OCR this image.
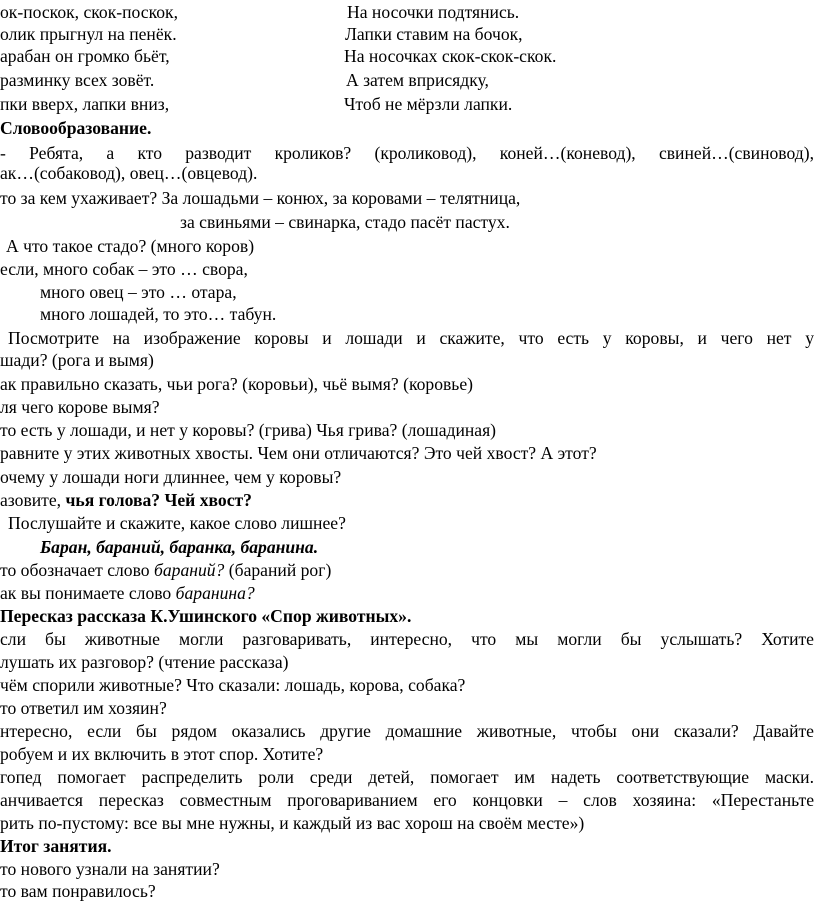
ок-поскок, скок-поскок,	На носочки подтянись.
олик прыгнул на пенёк.	Лапки ставим на бочок,
арабан он громко бьёт,	На носочках скок-скок-скок.
разминку всех зовёт.	А затем вприсядку,
пки вверх, лапки вниз,	Чтоб не мёрзли лапки.
Словообразование.
- Ребята, а кто разводит кроликов? (кроликовод), коней…(коневод), свиней…(свиновод),
ак…(собаковод), овец…(овцевод).
то за кем ухаживает? За лошадьми – конюх, за коровами – телятница,
за свиньями – свинарка, стадо пасёт пастух.
А что такое стадо? (много коров)
если, много собак – это … свора,
много овец – это … отара,
много лошадей, то это… табун.
Посмотрите на изображение коровы и лошади и скажите, что есть у коровы, и чего нет у
шади? (рога и вымя)
ак правильно сказать, чьи рога? (коровьи), чьё вымя? (коровье)
ля чего корове вымя?
то есть у лошади, и нет у коровы? (грива) Чья грива? (лошадиная)
равните у этих животных хвосты. Чем они отличаются? Это чей хвост? А этот?
очему у лошади ноги длиннее, чем у коровы?
азовите, чья голова? Чей хвост?
Послушайте и скажите, какое слово лишнее?
Баран, бараний, баранка, баранина.
то обозначает слово бараний? (бараний рог)
ак вы понимаете слово баранина?
Пересказ рассказа К.Ушинского «Спор животных».
сли бы животные могли разговаривать, интересно, что мы могли бы услышать? Хотите
лушать их разговор? (чтение рассказа)
чём спорили животные? Что сказали: лошадь, корова, собака?
то ответил им хозяин?
нтересно, если бы рядом оказались другие домашние животные, чтобы они сказали? Давайте
робуем и их включить в этот спор. Хотите?
гопед помогает распределить роли среди детей, помогает им надеть соответствующие маски.
анчивается пересказ совместным проговариванием его концовки – слов хозяина: «Перестаньте
рить по-пустому: все вы мне нужны, и каждый из вас хорош на своём месте»)
Итог занятия.
то нового узнали на занятии?
то вам понравилось?
